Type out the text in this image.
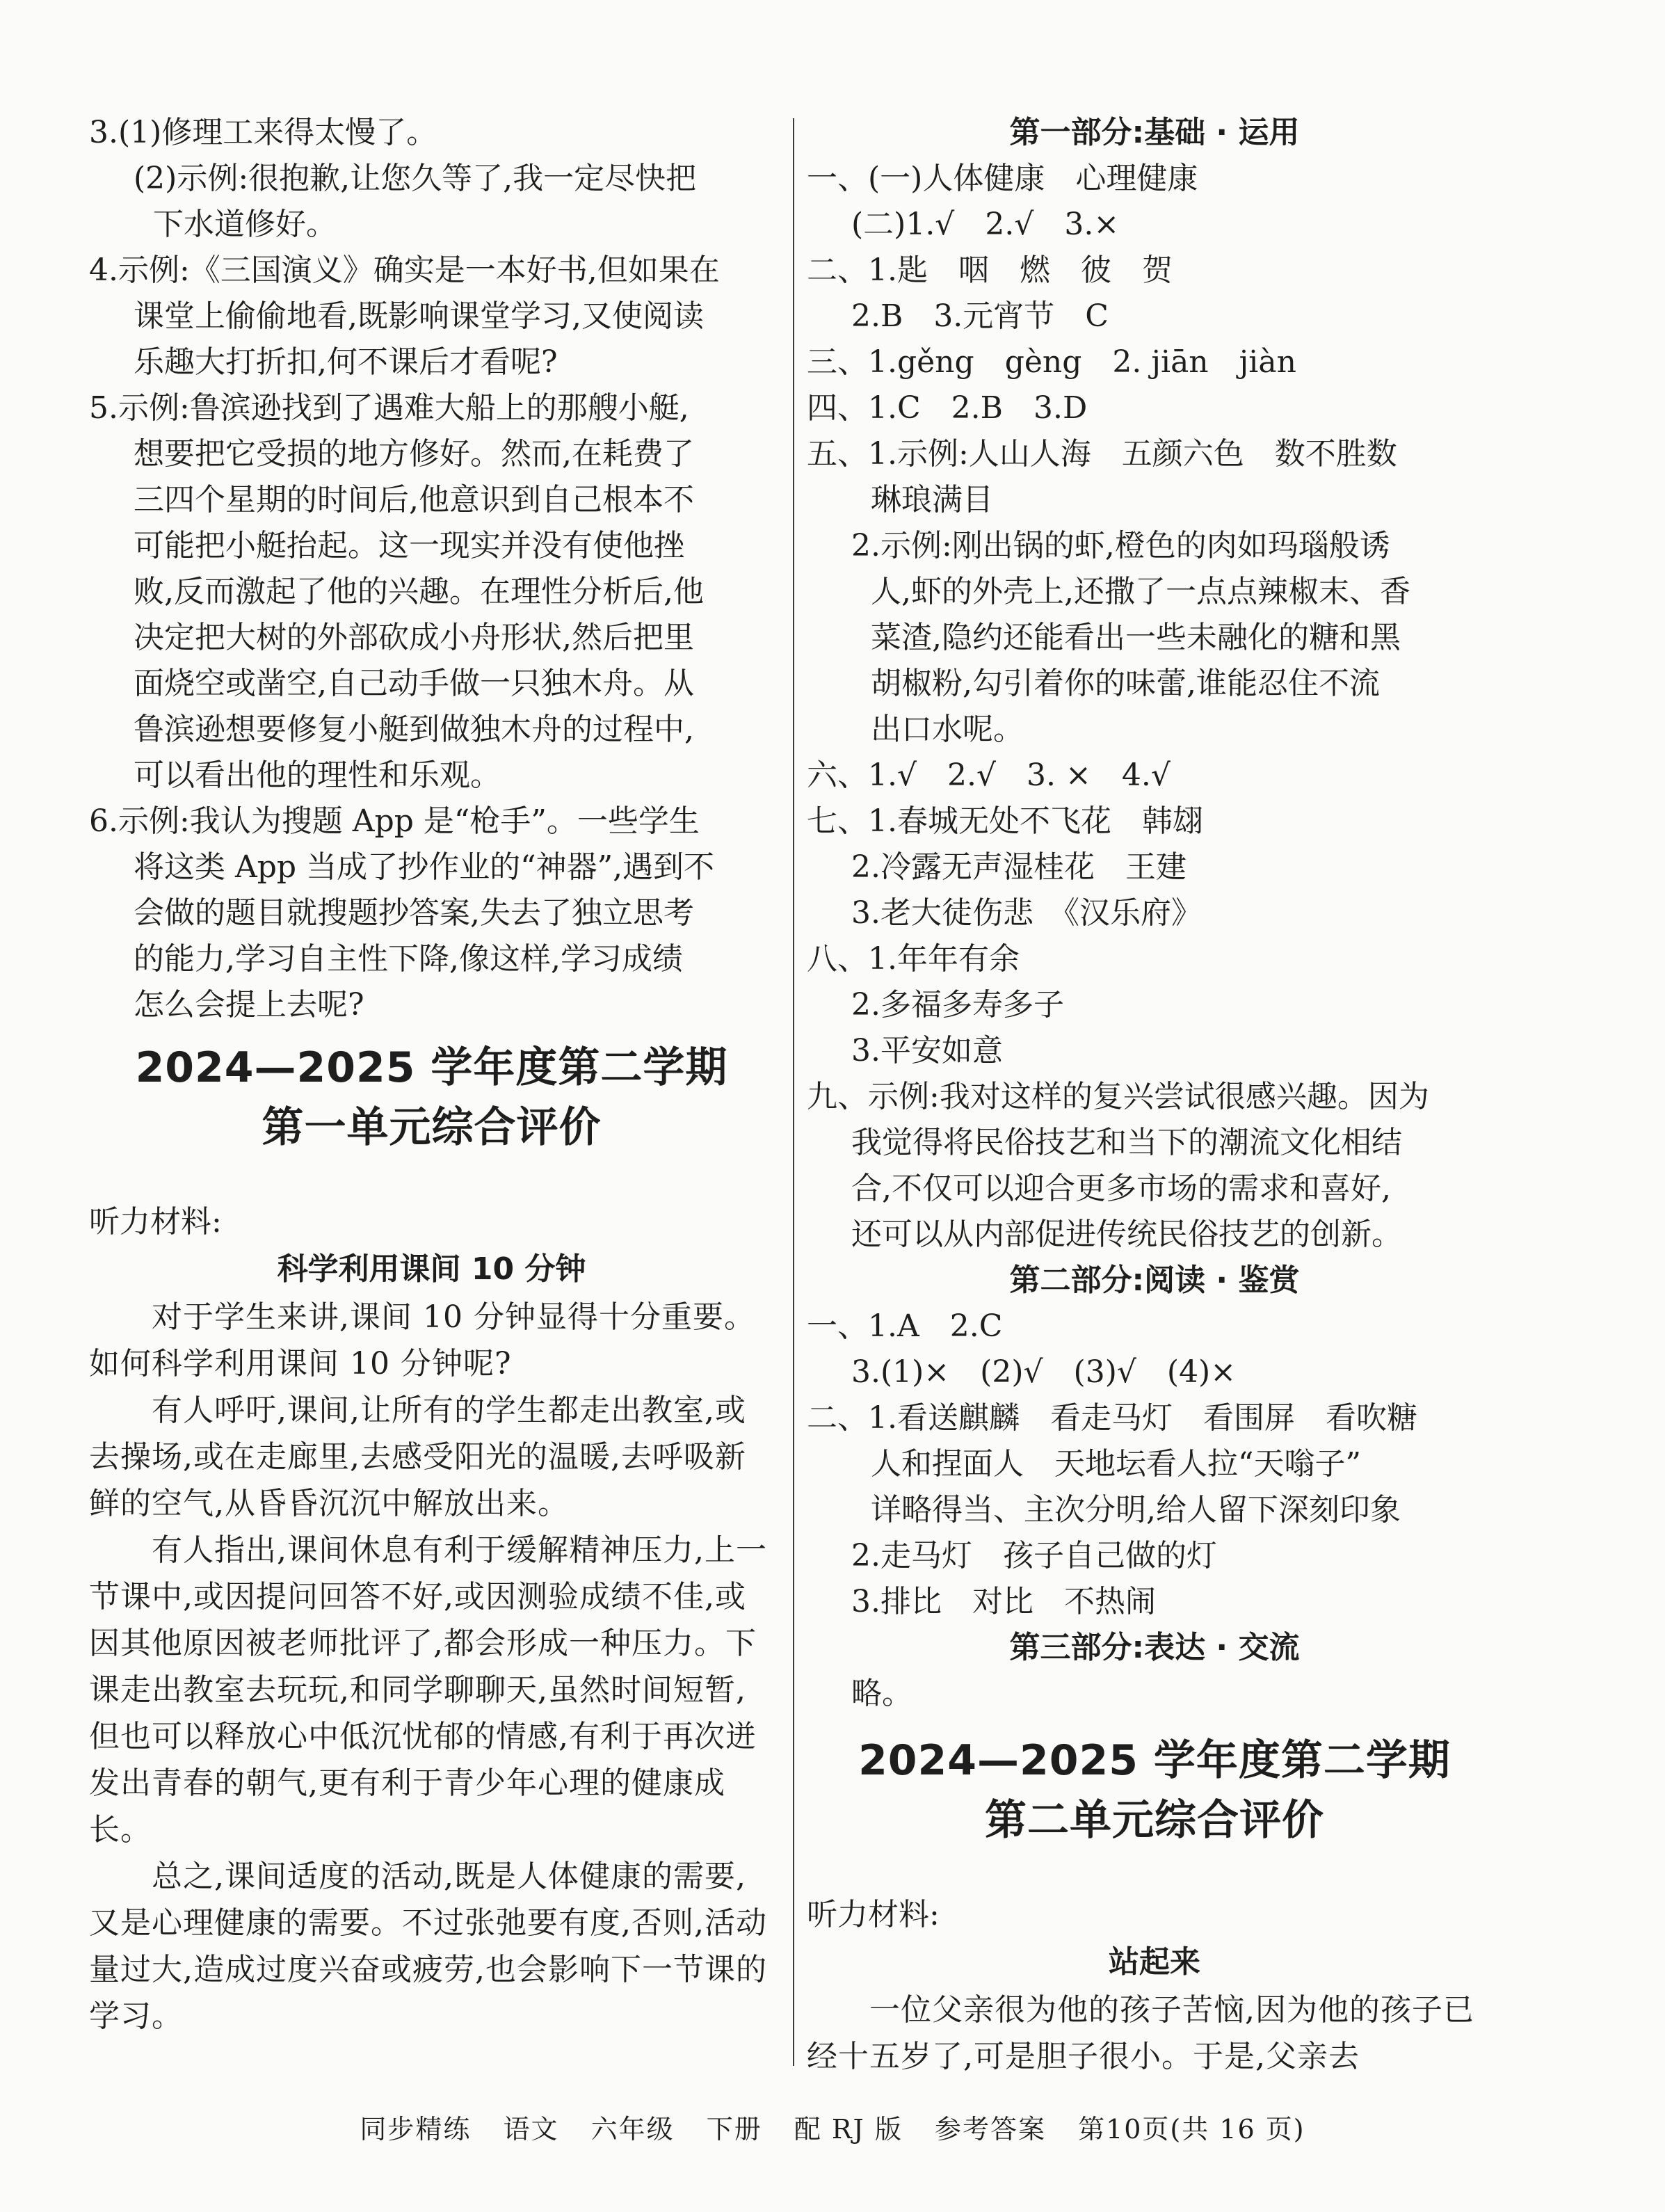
3.(1)修理工来得太慢了。
(2)示例:很抱歉,让您久等了,我一定尽快把
下水道修好。
4.示例:《三国演义》确实是一本好书,但如果在
课堂上偷偷地看,既影响课堂学习,又使阅读
乐趣大打折扣,何不课后才看呢?
5.示例:鲁滨逊找到了遇难大船上的那艘小艇,
想要把它受损的地方修好。然而,在耗费了
三四个星期的时间后,他意识到自己根本不
可能把小艇抬起。这一现实并没有使他挫
败,反而激起了他的兴趣。在理性分析后,他
决定把大树的外部砍成小舟形状,然后把里
面烧空或凿空,自己动手做一只独木舟。从
鲁滨逊想要修复小艇到做独木舟的过程中,
可以看出他的理性和乐观。
6.示例:我认为搜题 App 是“枪手”。一些学生
将这类 App 当成了抄作业的“神器”,遇到不
会做的题目就搜题抄答案,失去了独立思考
的能力,学习自主性下降,像这样,学习成绩
怎么会提上去呢?
2024—2025 学年度第二学期
第一单元综合评价
听力材料:
科学利用课间 10 分钟
对于学生来讲,课间 10 分钟显得十分重要。如何科学利用课间 10 分钟呢?
有人呼吁,课间,让所有的学生都走出教室,或去操场,或在走廊里,去感受阳光的温暖,去呼吸新鲜的空气,从昏昏沉沉中解放出来。
有人指出,课间休息有利于缓解精神压力,上一节课中,或因提问回答不好,或因测验成绩不佳,或因其他原因被老师批评了,都会形成一种压力。下课走出教室去玩玩,和同学聊聊天,虽然时间短暂,但也可以释放心中低沉忧郁的情感,有利于再次迸发出青春的朝气,更有利于青少年心理的健康成长。
总之,课间适度的活动,既是人体健康的需要,又是心理健康的需要。不过张弛要有度,否则,活动量过大,造成过度兴奋或疲劳,也会影响下一节课的学习。
第一部分:基础 · 运用
一、(一)人体健康　心理健康
(二)1.√　2.√　3.×
二、1.匙　咽　燃　彼　贺
2.B　3.元宵节　C
三、1.gěng　gèng　2. jiān　jiàn
四、1.C　2.B　3.D
五、1.示例:人山人海　五颜六色　数不胜数
琳琅满目
2.示例:刚出锅的虾,橙色的肉如玛瑙般诱
人,虾的外壳上,还撒了一点点辣椒末、香
菜渣,隐约还能看出一些未融化的糖和黑
胡椒粉,勾引着你的味蕾,谁能忍住不流
出口水呢。
六、1.√　2.√　3. ×　4.√
七、1.春城无处不飞花　韩翃
2.冷露无声湿桂花　王建
3.老大徒伤悲　《汉乐府》
八、1.年年有余
2.多福多寿多子
3.平安如意
九、示例:我对这样的复兴尝试很感兴趣。因为
我觉得将民俗技艺和当下的潮流文化相结
合,不仅可以迎合更多市场的需求和喜好,
还可以从内部促进传统民俗技艺的创新。
第二部分:阅读 · 鉴赏
一、1.A　2.C
3.(1)×　(2)√　(3)√　(4)×
二、1.看送麒麟　看走马灯　看围屏　看吹糖
人和捏面人　天地坛看人拉“天嗡子”
详略得当、主次分明,给人留下深刻印象
2.走马灯　孩子自己做的灯
3.排比　对比　不热闹
第三部分:表达 · 交流
略。
2024—2025 学年度第二学期
第二单元综合评价
听力材料:
站起来
一位父亲很为他的孩子苦恼,因为他的孩子已经十五岁了,可是胆子很小。于是,父亲去
同步精练 语文 六年级 下册 配 RJ 版 参考答案 第10页(共 16 页)
